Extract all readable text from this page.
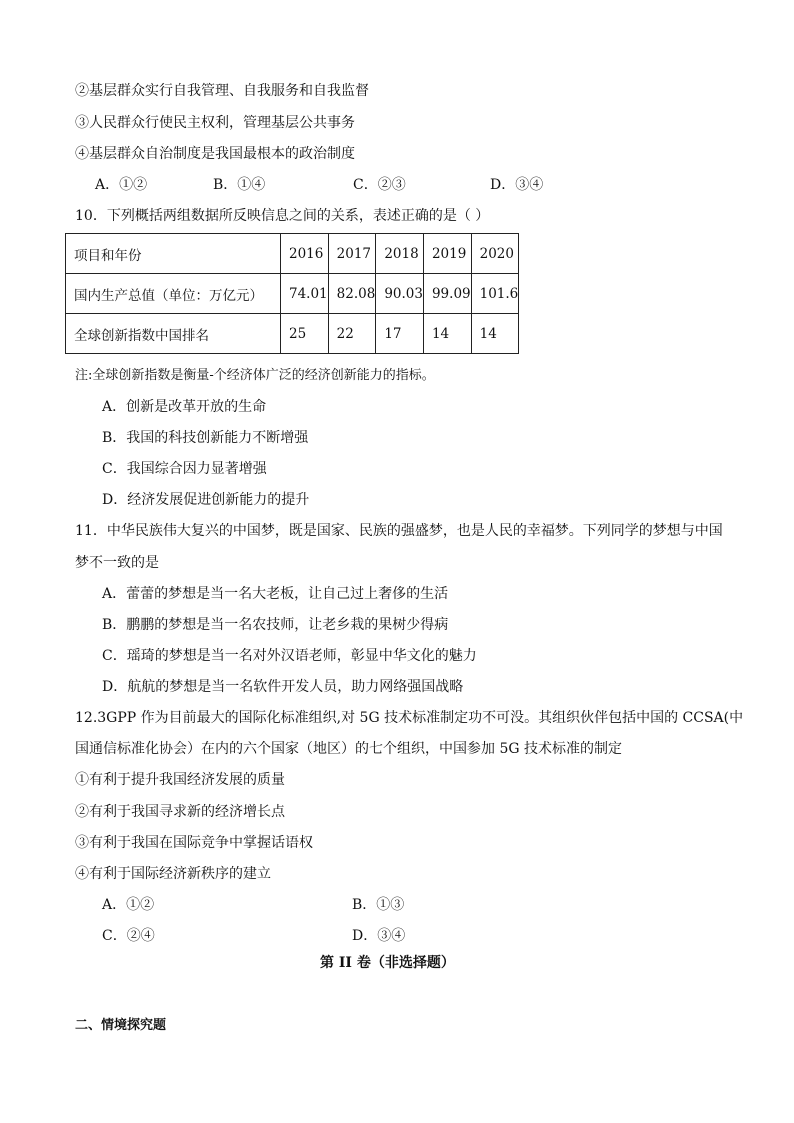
②基层群众实行自我管理、自我服务和自我监督
③人民群众行使民主权利，管理基层公共事务
④基层群众自治制度是我国最根本的政治制度
A．①②	B．①④	C．②③	D．③④
10．下列概括两组数据所反映信息之间的关系，表述正确的是（ ）
项目和年份	2016	2017	2018	2019	2020
国内生产总值（单位：万亿元）	74.01	82.08	90.03	99.09	101.6
全球创新指数中国排名	25	22	17	14	14
注:全球创新指数是衡量-个经济体广泛的经济创新能力的指标。
A．创新是改革开放的生命
B．我国的科技创新能力不断增强
C．我国综合因力显著增强
D．经济发展促进创新能力的提升
11．中华民族伟大复兴的中国梦，既是国家、民族的强盛梦，也是人民的幸福梦。下列同学的梦想与中国
梦不一致的是
A．蕾蕾的梦想是当一名大老板，让自己过上奢侈的生活
B．鹏鹏的梦想是当一名农技师，让老乡栽的果树少得病
C．瑶琦的梦想是当一名对外汉语老师，彰显中华文化的魅力
D．航航的梦想是当一名软件开发人员，助力网络强国战略
12.3GPP 作为目前最大的国际化标准组织,对 5G 技术标准制定功不可没。其组织伙伴包括中国的 CCSA(中
国通信标准化协会）在内的六个国家（地区）的七个组织，中国参加 5G 技术标准的制定
①有利于提升我国经济发展的质量
②有利于我国寻求新的经济增长点
③有利于我国在国际竞争中掌握话语权
④有利于国际经济新秩序的建立
A．①②	B．①③
C．②④	D．③④
第 II 卷（非选择题）
二、情境探究题
